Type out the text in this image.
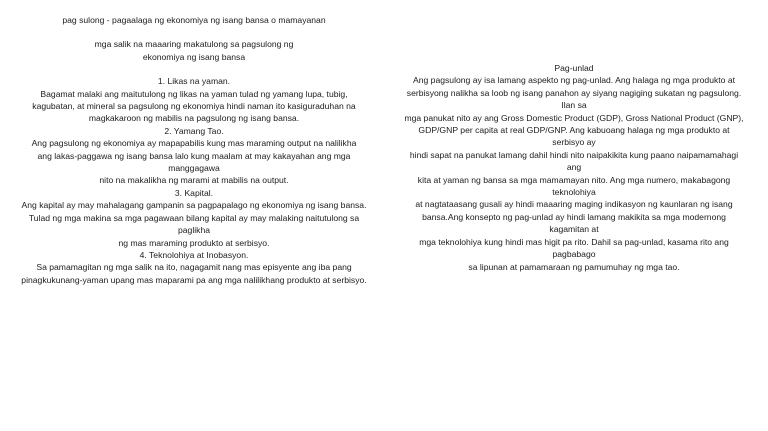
pag sulong - pagaalaga ng ekonomiya ng isang bansa o mamayanan
mga salik na maaaring makatulong sa pagsulong ng
ekonomiya ng isang bansa
1. Likas na yaman.
Bagamat malaki ang maitutulong ng likas na yaman tulad ng yamang lupa, tubig,
kagubatan, at mineral sa pagsulong ng ekonomiya hindi naman ito kasiguraduhan na
magkakaroon ng mabilis na pagsulong ng isang bansa.
2. Yamang Tao.
Ang pagsulong ng ekonomiya ay mapapabilis kung mas maraming output na nalilikha
ang lakas-paggawa ng isang bansa lalo kung maalam at may kakayahan ang mga
manggagawa
nito na makalikha ng marami at mabilis na output.
3. Kapital.
Ang kapital ay may mahalagang gampanin sa pagpapalago ng ekonomiya ng isang bansa.
Tulad ng mga makina sa mga pagawaan bilang kapital ay may malaking naitutulong sa
paglikha
ng mas maraming produkto at serbisyo.
4. Teknolohiya at Inobasyon.
Sa pamamagitan ng mga salik na ito, nagagamit nang mas episyente ang iba pang
pinagkukunang-yaman upang mas maparami pa ang mga nalilikhang produkto at serbisyo.
Pag-unlad
Ang pagsulong ay isa lamang aspekto ng pag-unlad. Ang halaga ng mga produkto at
serbisyong nalikha sa loob ng isang panahon ay siyang nagiging sukatan ng pagsulong.
Ilan sa
mga panukat nito ay ang Gross Domestic Product (GDP), Gross National Product (GNP),
GDP/GNP per capita at real GDP/GNP. Ang kabuoang halaga ng mga produkto at
serbisyo ay
hindi sapat na panukat lamang dahil hindi nito naipakikita kung paano naipamamahagi
ang
kita at yaman ng bansa sa mga mamamayan nito. Ang mga numero, makabagong
teknolohiya
at nagtataasang gusali ay hindi maaaring maging indikasyon ng kaunlaran ng isang
bansa.Ang konsepto ng pag-unlad ay hindi lamang makikita sa mga modernong
kagamitan at
mga teknolohiya kung hindi mas higit pa rito. Dahil sa pag-unlad, kasama rito ang
pagbabago
sa lipunan at pamamaraan ng pamumuhay ng mga tao.
